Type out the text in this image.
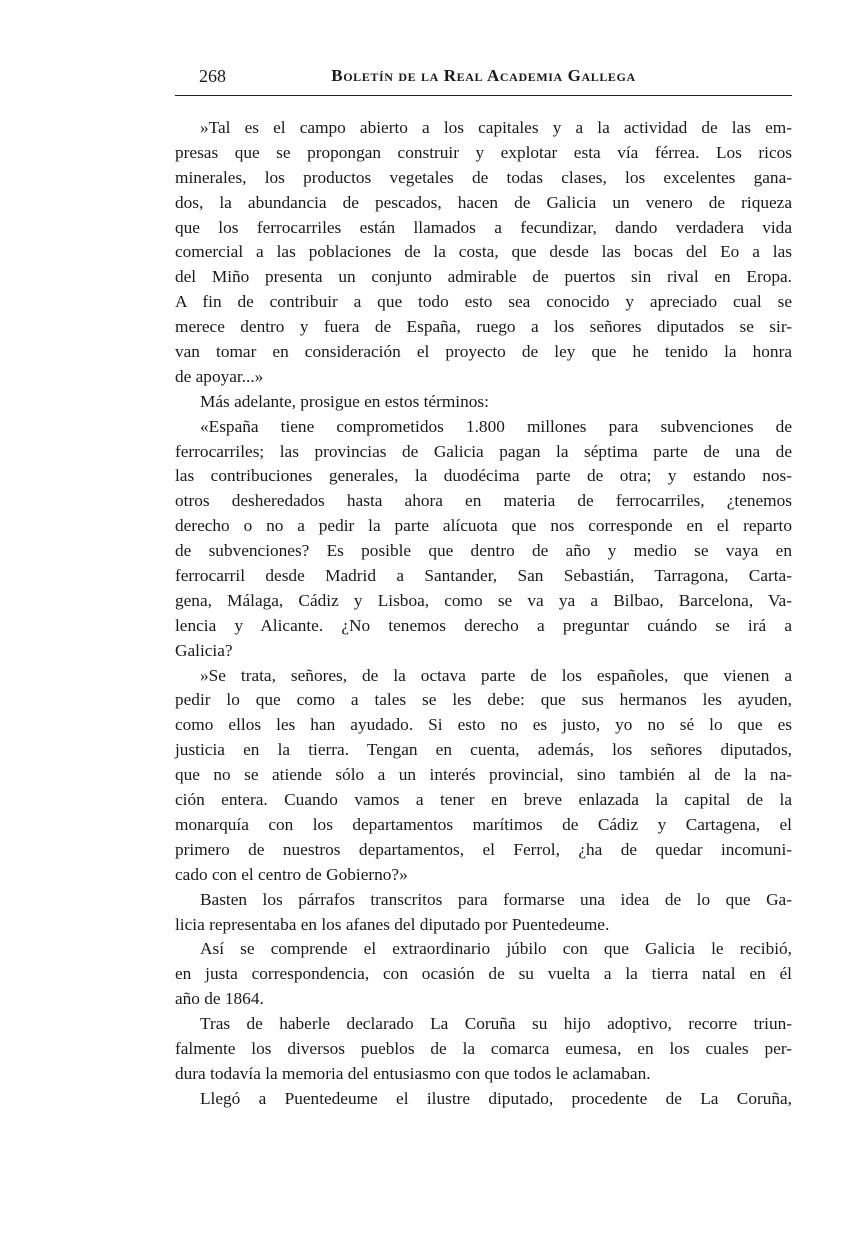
268	Boletín de la Real Academia Gallega
»Tal es el campo abierto a los capitales y a la actividad de las em-
presas que se propongan construir y explotar esta vía férrea. Los ricos
minerales, los productos vegetales de todas clases, los excelentes gana-
dos, la abundancia de pescados, hacen de Galicia un venero de riqueza
que los ferrocarriles están llamados a fecundizar, dando verdadera vida
comercial a las poblaciones de la costa, que desde las bocas del Eo a las
del Miño presenta un conjunto admirable de puertos sin rival en Eropa.
A fin de contribuir a que todo esto sea conocido y apreciado cual se
merece dentro y fuera de España, ruego a los señores diputados se sir-
van tomar en consideración el proyecto de ley que he tenido la honra
de apoyar...»
Más adelante, prosigue en estos términos:
«España tiene comprometidos 1.800 millones para subvenciones de
ferrocarriles; las provincias de Galicia pagan la séptima parte de una de
las contribuciones generales, la duodécima parte de otra; y estando nos-
otros desheredados hasta ahora en materia de ferrocarriles, ¿tenemos
derecho o no a pedir la parte alícuota que nos corresponde en el reparto
de subvenciones? Es posible que dentro de año y medio se vaya en
ferrocarril desde Madrid a Santander, San Sebastián, Tarragona, Carta-
gena, Málaga, Cádiz y Lisboa, como se va ya a Bilbao, Barcelona, Va-
lencia y Alicante. ¿No tenemos derecho a preguntar cuándo se irá a
Galicia?
»Se trata, señores, de la octava parte de los españoles, que vienen a
pedir lo que como a tales se les debe: que sus hermanos les ayuden,
como ellos les han ayudado. Si esto no es justo, yo no sé lo que es
justicia en la tierra. Tengan en cuenta, además, los señores diputados,
que no se atiende sólo a un interés provincial, sino también al de la na-
ción entera. Cuando vamos a tener en breve enlazada la capital de la
monarquía con los departamentos marítimos de Cádiz y Cartagena, el
primero de nuestros departamentos, el Ferrol, ¿ha de quedar incomuni-
cado con el centro de Gobierno?»
Basten los párrafos transcritos para formarse una idea de lo que Ga-
licia representaba en los afanes del diputado por Puentedeume.
Así se comprende el extraordinario júbilo con que Galicia le recibió,
en justa correspondencia, con ocasión de su vuelta a la tierra natal en él
año de 1864.
Tras de haberle declarado La Coruña su hijo adoptivo, recorre triun-
falmente los diversos pueblos de la comarca eumesa, en los cuales per-
dura todavía la memoria del entusiasmo con que todos le aclamaban.
Llegó a Puentedeume el ilustre diputado, procedente de La Coruña,
